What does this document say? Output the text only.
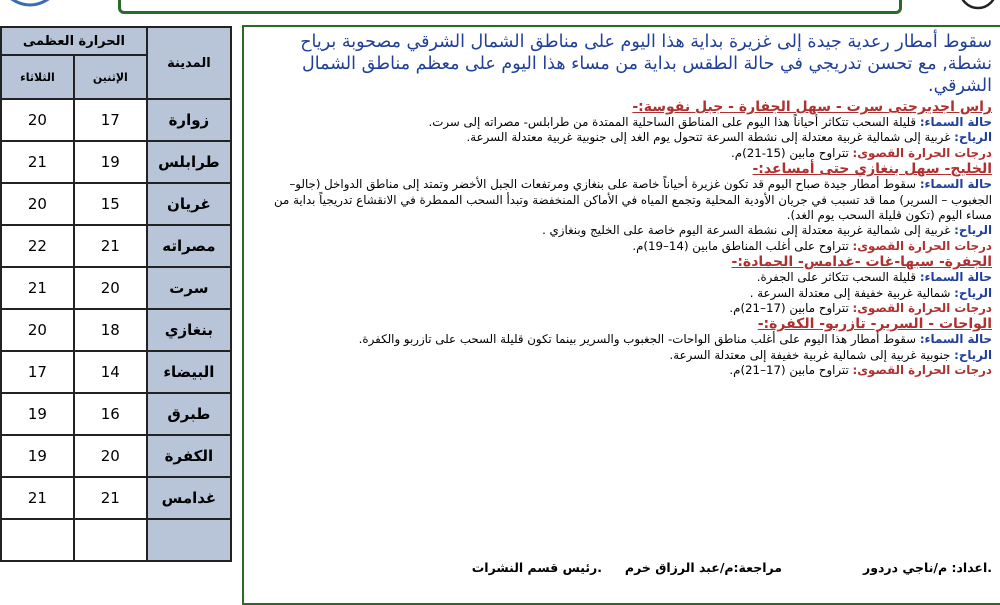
الحرارة العظمى		المدينة
الثلاثاء	الإثنين	
20	17	زوارة
21	19	طرابلس
20	15	غريان
22	21	مصراته
21	20	سرت
20	18	بنغازي
17	14	البيضاء
19	16	طبرق
19	20	الكفرة
21	21	غدامس

سقوط أمطار رعدية جيدة إلى غزيرة بداية هذا اليوم على مناطق الشمال الشرقي مصحوبة برياح نشطة, مع تحسن تدريجي في حالة الطقس بداية من مساء هذا اليوم على معظم مناطق الشمال الشرقي.

راس اجديرحتى سرت - سهل الجفارة - جبل نفوسة:-

حالة السماء: قليلة السحب تتكاثر أحياناً هذا اليوم على المناطق الساحلية الممتدة من طرابلس- مصراته إلى سرت.

الرياح: غربية إلى شمالية غربية معتدلة إلى نشطة السرعة تتحول يوم الغد إلى جنوبية غربية معتدلة السرعة.

درجات الحرارة القصوى: تتراوح مابين (15-21)م.

الخليج- سهل بنغازي حتى أمساعد:-

حالة السماء: سقوط أمطار جيدة صباح اليوم قد تكون غزيرة أحياناً خاصة على بنغازي ومرتفعات الجبل الأخضر وتمتد إلى مناطق الدواخل (جالو– الجغبوب – السرير) مما قد تسبب في جريان الأودية المحلية وتجمع المياه في الأماكن المنخفضة وتبدأ السحب الممطرة في الانقشاع تدريجياً بداية من مساء اليوم (تكون قليلة السحب يوم الغد).

الرياح: غربية إلى شمالية غربية معتدلة إلى نشطة السرعة اليوم خاصة على الخليج وبنغازي .

درجات الحرارة القصوى: تتراوح على أغلب المناطق مابين (14–19)م.

الجفرة- سبها-غات -غدامس- الحمادة:-

حالة السماء: قليلة السحب تتكاثر على الجفرة.

الرياح: شمالية غربية خفيفة إلى معتدلة السرعة .

درجات الحرارة القصوى: تتراوح مابين (17–21)م.

الواحات - السرير- تازربو- الكفرة:-

حالة السماء: سقوط أمطار هذا اليوم على أغلب مناطق الواحات- الجغبوب والسرير بينما تكون قليلة السحب على تازربو والكفرة.

الرياح: جنوبية غربية إلى شمالية غربية خفيفة إلى معتدلة السرعة.

درجات الحرارة القصوى: تتراوح مابين (17–21)م.

اعداد: م/ناجي دردور.
مراجعة:م/عبد الرزاق خرم
رئيس قسم النشرات.
